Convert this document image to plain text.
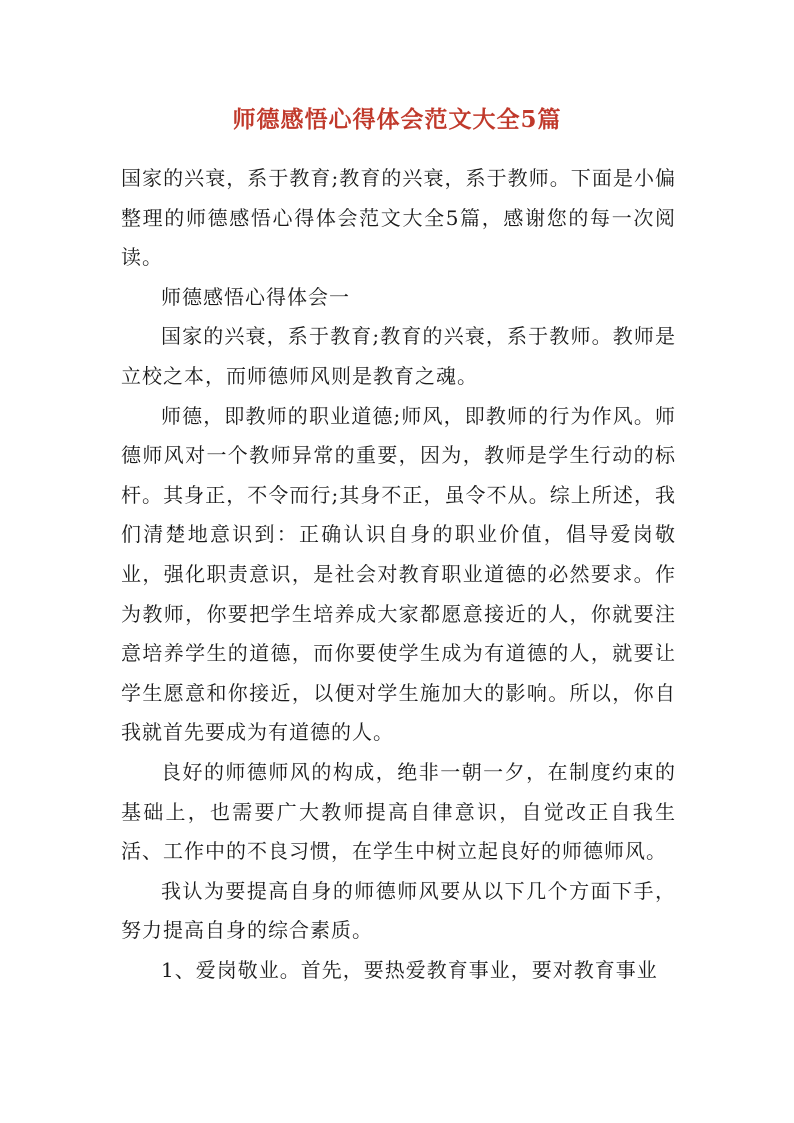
师德感悟心得体会范文大全5篇

国家的兴衰，系于教育;教育的兴衰，系于教师。下面是小偏整理的师德感悟心得体会范文大全5篇，感谢您的每一次阅读。

师德感悟心得体会一

国家的兴衰，系于教育;教育的兴衰，系于教师。教师是立校之本，而师德师风则是教育之魂。

师德，即教师的职业道德;师风，即教师的行为作风。师德师风对一个教师异常的重要，因为，教师是学生行动的标杆。其身正，不令而行;其身不正，虽令不从。综上所述，我们清楚地意识到：正确认识自身的职业价值，倡导爱岗敬业，强化职责意识，是社会对教育职业道德的必然要求。作为教师，你要把学生培养成大家都愿意接近的人，你就要注意培养学生的道德，而你要使学生成为有道德的人，就要让学生愿意和你接近，以便对学生施加大的影响。所以，你自我就首先要成为有道德的人。

良好的师德师风的构成，绝非一朝一夕，在制度约束的基础上，也需要广大教师提高自律意识，自觉改正自我生活、工作中的不良习惯，在学生中树立起良好的师德师风。

我认为要提高自身的师德师风要从以下几个方面下手，努力提高自身的综合素质。

1、爱岗敬业。首先，要热爱教育事业，要对教育事业
